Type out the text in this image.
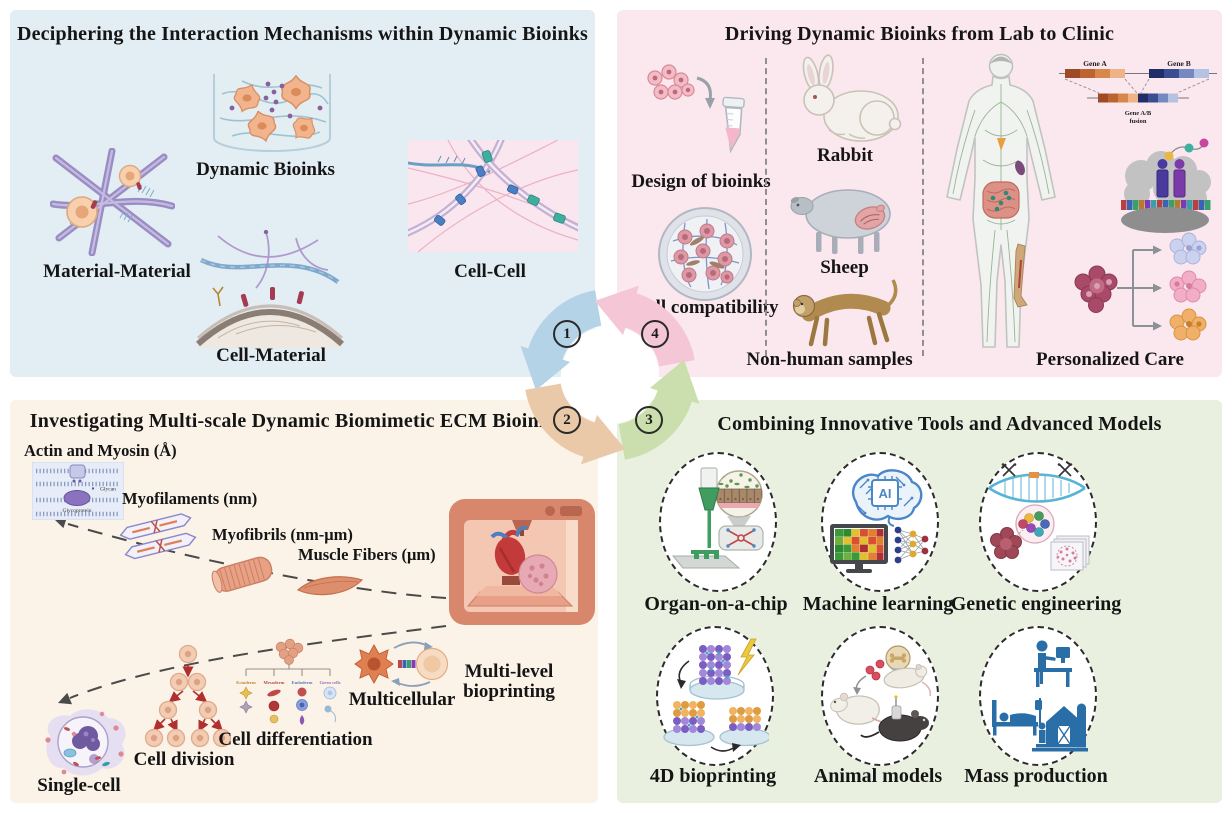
Deciphering the Interaction Mechanisms within Dynamic Bioinks
Dynamic Bioinks
Material-Material	Cell-Cell
Cell-Material
Driving Dynamic Bioinks from Lab to Clinic
Design of bioinks
Cell compatibility
Rabbit
Sheep
Non-human samples
Gene A	Gene B
Gene A/B
fusion
Personalized Care
Investigating Multi-scale Dynamic Biomimetic ECM Bioinks
Actin and Myosin (Å)
Glycan
Glycoprotein
Myofilaments (nm)
Myofibrils (nm-μm)
Muscle Fibers (μm)
Multi-level bioprinting
Single-cell
Cell division
Ectoderm Mesoderm Endoderm Germ cells
Cell differentiation
Multicellular
Combining Innovative Tools and Advanced Models
Organ-on-a-chip
AI
Machine learning
Genetic engineering
4D bioprinting	Animal models	Mass production
1	4
2	3
